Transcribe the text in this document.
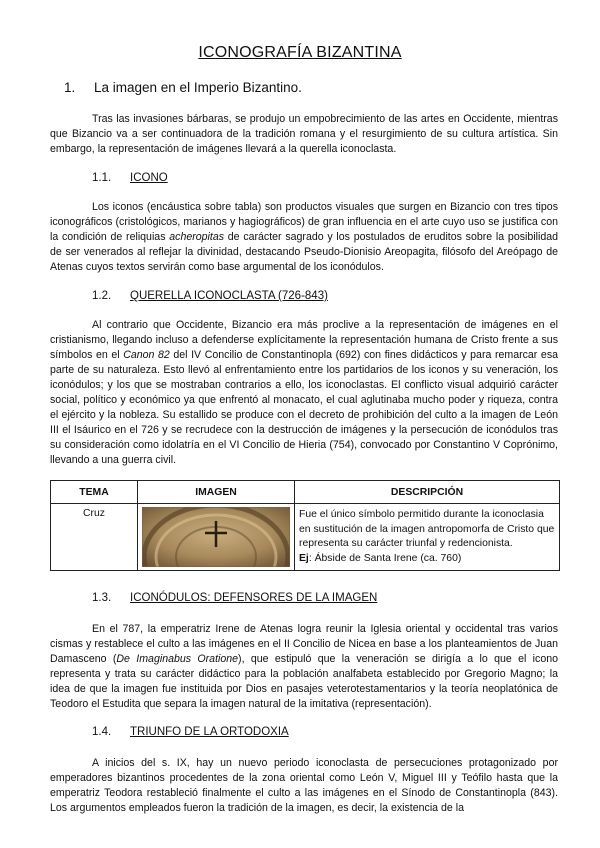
ICONOGRAFÍA BIZANTINA
1. La imagen en el Imperio Bizantino.

Tras las invasiones bárbaras, se produjo un empobrecimiento de las artes en Occidente, mientras que Bizancio va a ser continuadora de la tradición romana y el resurgimiento de su cultura artística. Sin embargo, la representación de imágenes llevará a la querella iconoclasta.

1.1. ICONO

Los iconos (encáustica sobre tabla) son productos visuales que surgen en Bizancio con tres tipos iconográficos (cristológicos, marianos y hagiográficos) de gran influencia en el arte cuyo uso se justifica con la condición de reliquias acheropitas de carácter sagrado y los postulados de eruditos sobre la posibilidad de ser venerados al reflejar la divinidad, destacando Pseudo-Dionisio Areopagita, filósofo del Areópago de Atenas cuyos textos servirán como base argumental de los iconódulos.

1.2. QUERELLA ICONOCLASTA (726-843)

Al contrario que Occidente, Bizancio era más proclive a la representación de imágenes en el cristianismo, llegando incluso a defenderse explícitamente la representación humana de Cristo frente a sus símbolos en el Canon 82 del IV Concilio de Constantinopla (692) con fines didácticos y para remarcar esa parte de su naturaleza. Esto llevó al enfrentamiento entre los partidarios de los iconos y su veneración, los iconódulos; y los que se mostraban contrarios a ello, los iconoclastas. El conflicto visual adquirió carácter social, político y económico ya que enfrentó al monacato, el cual aglutinaba mucho poder y riqueza, contra el ejército y la nobleza. Su estallido se produce con el decreto de prohibición del culto a la imagen de León III el Isáurico en el 726 y se recrudece con la destrucción de imágenes y la persecución de iconódulos tras su consideración como idolatría en el VI Concilio de Hieria (754), convocado por Constantino V Coprónimo, llevando a una guerra civil.

TEMA	IMAGEN	DESCRIPCIÓN
Cruz		Fue el único símbolo permitido durante la iconoclasia en sustitución de la imagen antropomorfa de Cristo que representa su carácter triunfal y redencionista.
Ej: Ábside de Santa Irene (ca. 760)
1.3. ICONÓDULOS: DEFENSORES DE LA IMAGEN

En el 787, la emperatriz Irene de Atenas logra reunir la Iglesia oriental y occidental tras varios cismas y restablece el culto a las imágenes en el II Concilio de Nicea en base a los planteamientos de Juan Damasceno (De Imaginabus Oratione), que estipuló que la veneración se dirigía a lo que el icono representa y trata su carácter didáctico para la población analfabeta establecido por Gregorio Magno; la idea de que la imagen fue instituida por Dios en pasajes veterotestamentarios y la teoría neoplatónica de Teodoro el Estudita que separa la imagen natural de la imitativa (representación).

1.4. TRIUNFO DE LA ORTODOXIA

A inicios del s. IX, hay un nuevo periodo iconoclasta de persecuciones protagonizado por emperadores bizantinos procedentes de la zona oriental como León V, Miguel III y Teófilo hasta que la emperatriz Teodora restableció finalmente el culto a las imágenes en el Sínodo de Constantinopla (843). Los argumentos empleados fueron la tradición de la imagen, es decir, la existencia de la
